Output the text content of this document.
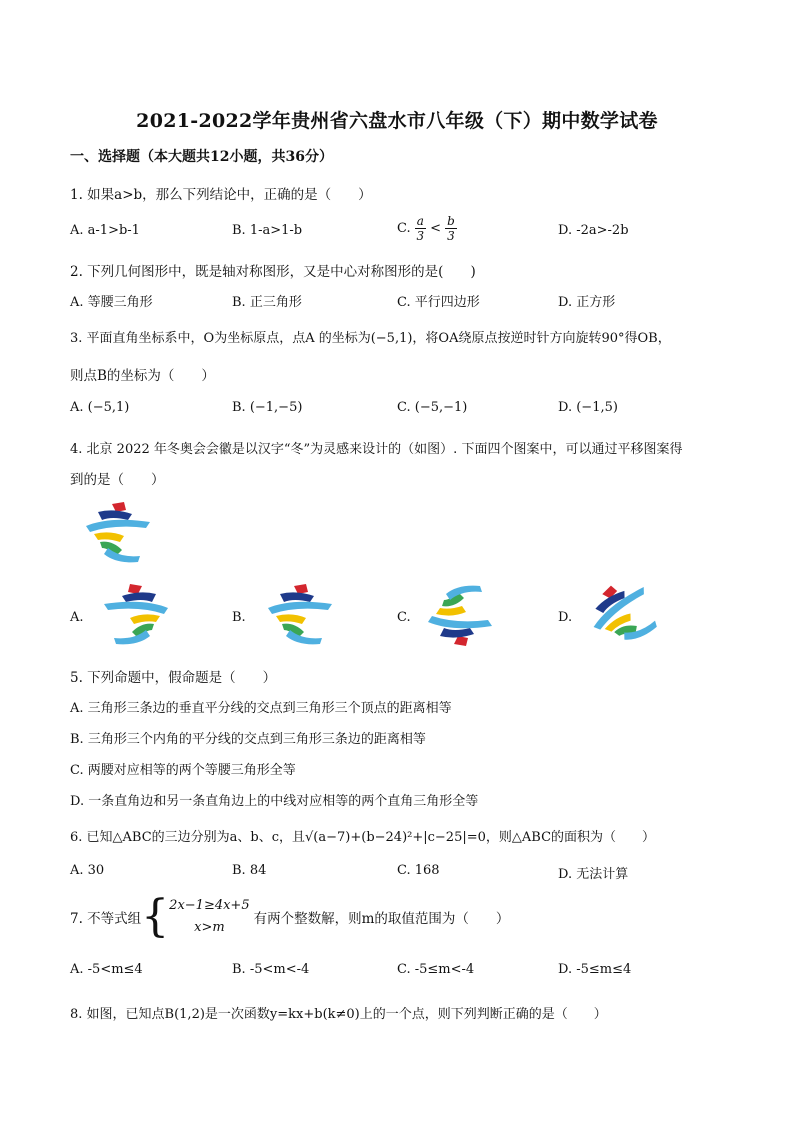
2021-2022学年贵州省六盘水市八年级（下）期中数学试卷
一、选择题（本大题共12小题，共36分）
1. 如果a>b，那么下列结论中，正确的是（　　）
A. a-1>b-1	B. 1-a>1-b	C. $\frac{a}{3} < \frac{b}{3}$	D. -2a>-2b
2. 下列几何图形中，既是轴对称图形，又是中心对称图形的是(　　)
A. 等腰三角形	B. 正三角形	C. 平行四边形	D. 正方形
3. 平面直角坐标系中，O为坐标原点，点A 的坐标为(−5,1)，将OA绕原点按逆时针方向旋转90°得OB，
则点B的坐标为（　　）
A. (−5,1)	B. (−1,−5)	C. (−5,−1)	D. (−1,5)
4. 北京 2022 年冬奥会会徽是以汉字“冬”为灵感来设计的（如图）. 下面四个图案中，可以通过平移图案得
到的是（　　）
A.	B.	C.	D.
5. 下列命题中，假命题是（　　）
A. 三角形三条边的垂直平分线的交点到三角形三个顶点的距离相等
B. 三角形三个内角的平分线的交点到三角形三条边的距离相等
C. 两腰对应相等的两个等腰三角形全等
D. 一条直角边和另一条直角边上的中线对应相等的两个直角三角形全等
6. 已知△ABC的三边分别为a、b、c，且√(a−7)+(b−24)²+|c−25|=0，则△ABC的面积为（　　）
A. 30	B. 84	C. 168	D. 无法计算
7. 不等式组 { 2x−1≥4x+5
x>m
有两个整数解，则m的取值范围为（　　）
A. -5<m≤4	B. -5<m<-4	C. -5≤m<-4	D. -5≤m≤4
8. 如图，已知点B(1,2)是一次函数y=kx+b(k≠0)上的一个点，则下列判断正确的是（　　）
